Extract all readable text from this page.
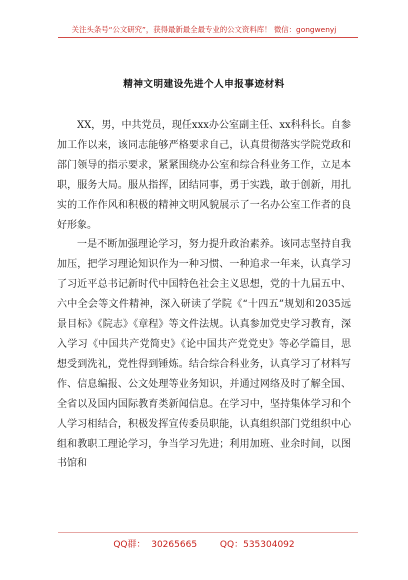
关注头条号“公文研究”，获得最新最全最专业的公文资料库！ 微信：gongwenyj
精神文明建设先进个人申报事迹材料

XX，男，中共党员，现任xxx办公室副主任、xx科科长。自参加工作以来，该同志能够严格要求自己，认真贯彻落实学院党政和部门领导的指示要求，紧紧围绕办公室和综合科业务工作，立足本职，服务大局。服从指挥，团结同事，勇于实践，敢于创新，用扎实的工作作风和积极的精神文明风貌展示了一名办公室工作者的良好形象。

一是不断加强理论学习，努力提升政治素养。该同志坚持自我加压，把学习理论知识作为一种习惯、一种追求一年来，认真学习了习近平总书记新时代中国特色社会主义思想，党的十九届五中、六中全会等文件精神，深入研读了学院《“十四五”规划和2035远景目标》《院志》《章程》等文件法规。认真参加党史学习教育，深入学习《中国共产党简史》《论中国共产党党史》等必学篇目，思想受到洗礼，党性得到锤炼。结合综合科业务，认真学习了材料写作、信息编报、公文处理等业务知识，并通过网络及时了解全国、全省以及国内国际教育类新闻信息。在学习中，坚持集体学习和个人学习相结合，积极发挥宣传委员职能，认真组织部门党组织中心组和教职工理论学习，争当学习先进；利用加班、业余时间，以图书馆和

QQ群：  30265665        QQ：535304092
